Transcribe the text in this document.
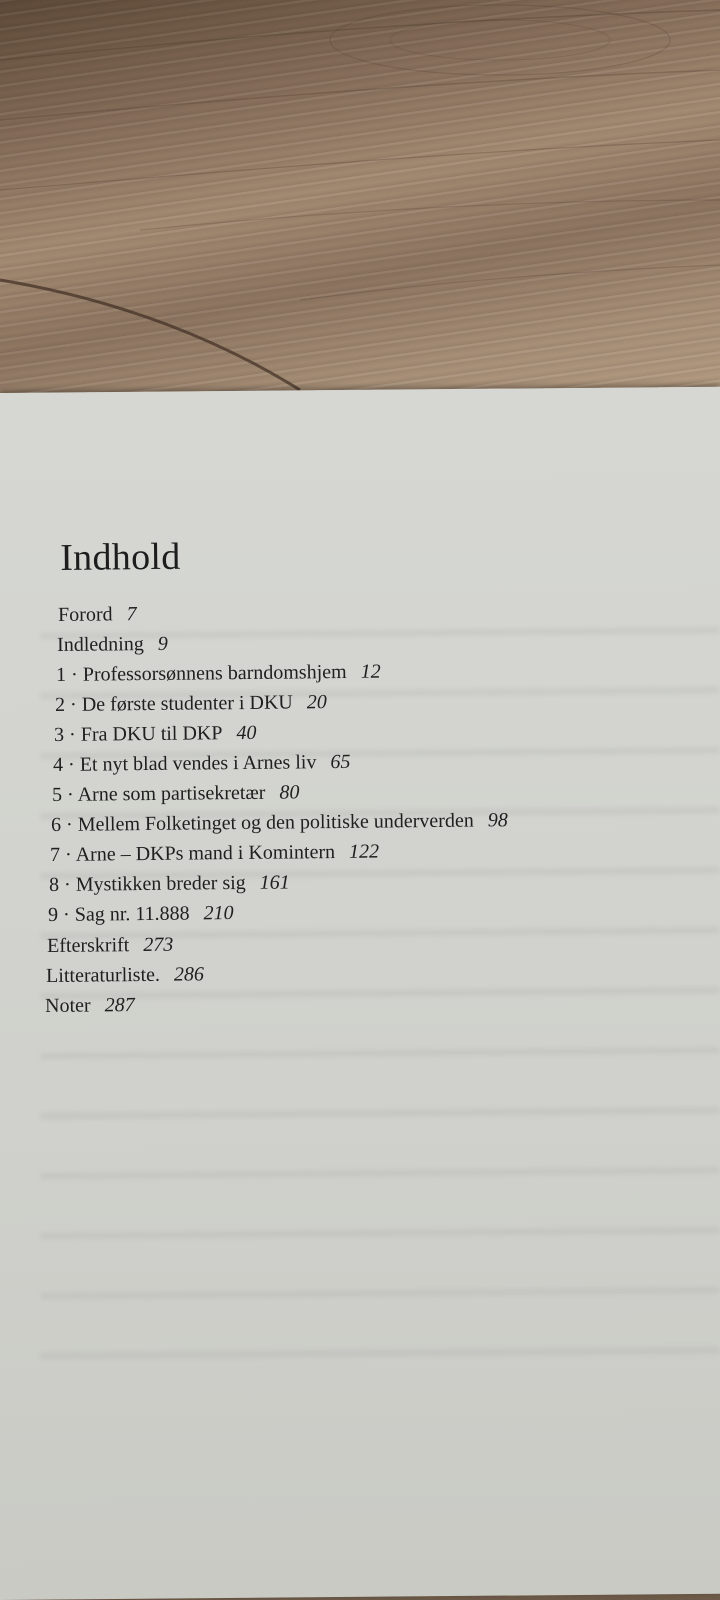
Indhold
Forord 7
Indledning 9
1 · Professorsønnens barndomshjem 12
2 · De første studenter i DKU 20
3 · Fra DKU til DKP 40
4 · Et nyt blad vendes i Arnes liv 65
5 · Arne som partisekretær 80
6 · Mellem Folketinget og den politiske underverden 98
7 · Arne – DKPs mand i Komintern 122
8 · Mystikken breder sig 161
9 · Sag nr. 11.888 210
Efterskrift 273
Litteraturliste. 286
Noter 287
